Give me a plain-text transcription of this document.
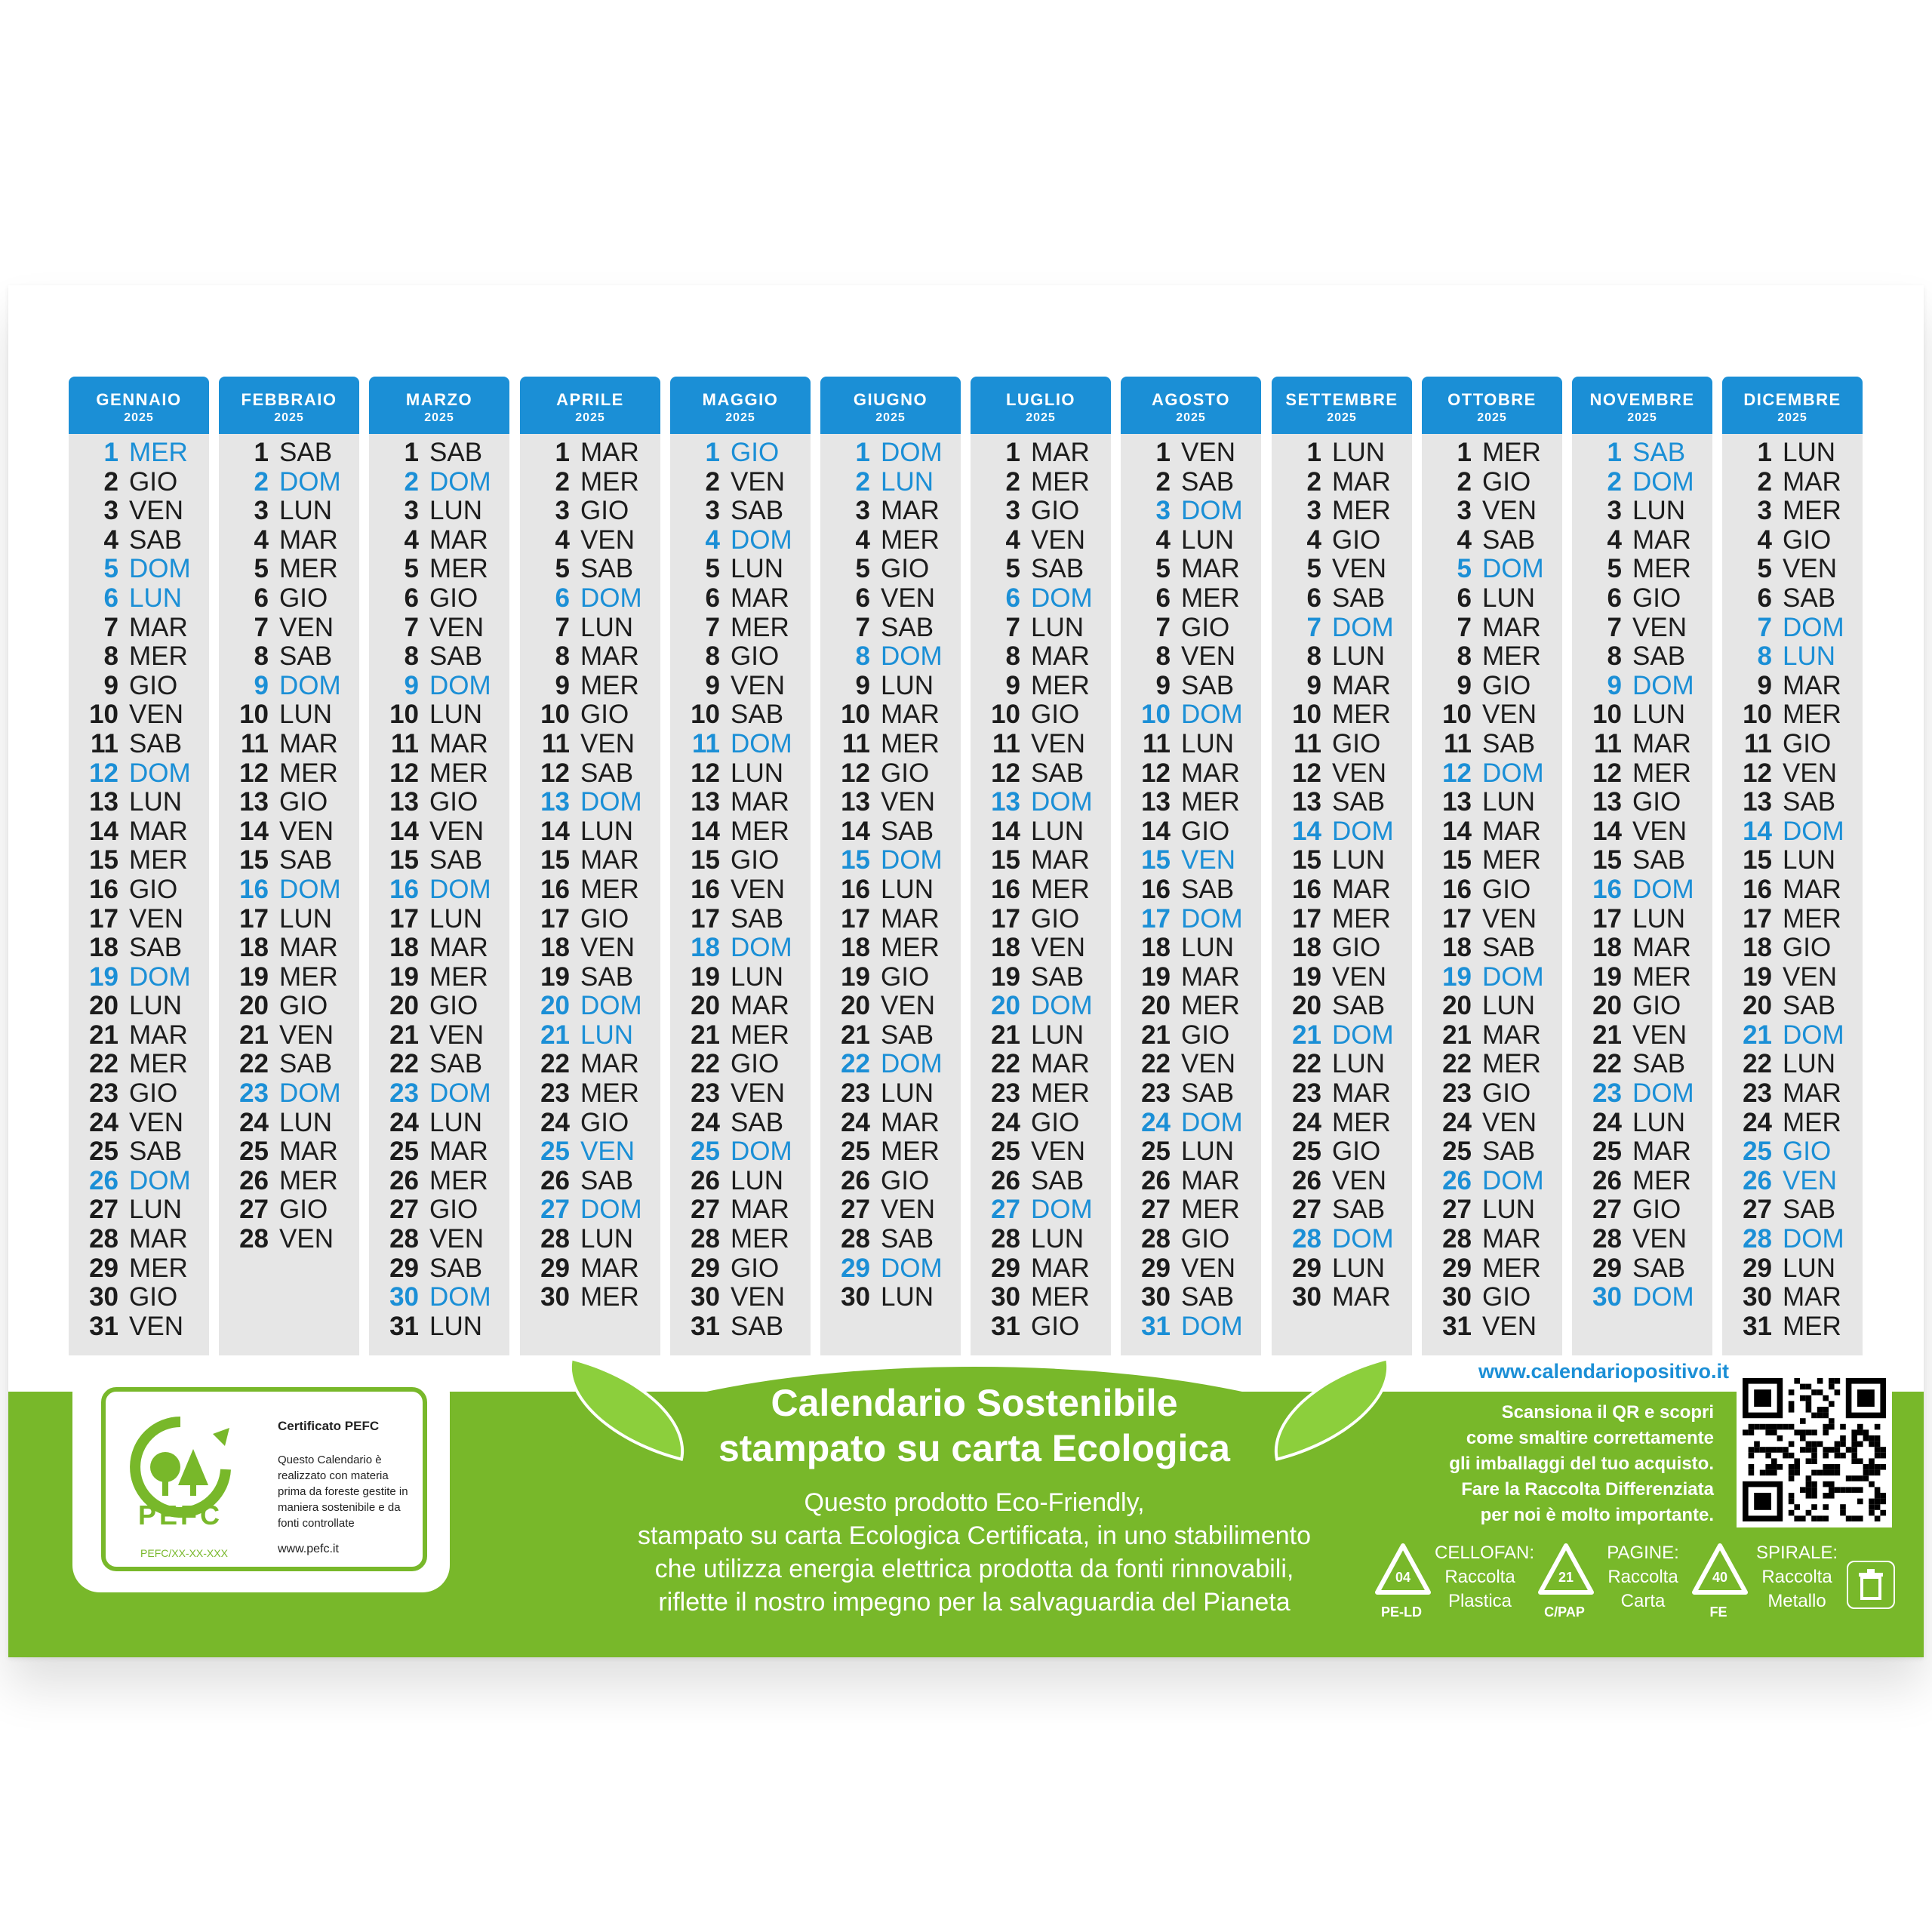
GENNAIO
2025
1 MER
2 GIO
3 VEN
4 SAB
5 DOM
6 LUN
7 MAR
8 MER
9 GIO
10 VEN
11 SAB
12 DOM
13 LUN
14 MAR
15 MER
16 GIO
17 VEN
18 SAB
19 DOM
20 LUN
21 MAR
22 MER
23 GIO
24 VEN
25 SAB
26 DOM
27 LUN
28 MAR
29 MER
30 GIO
31 VEN
FEBBRAIO
2025
1 SAB
2 DOM
3 LUN
4 MAR
5 MER
6 GIO
7 VEN
8 SAB
9 DOM
10 LUN
11 MAR
12 MER
13 GIO
14 VEN
15 SAB
16 DOM
17 LUN
18 MAR
19 MER
20 GIO
21 VEN
22 SAB
23 DOM
24 LUN
25 MAR
26 MER
27 GIO
28 VEN
MARZO
2025
1 SAB
2 DOM
3 LUN
4 MAR
5 MER
6 GIO
7 VEN
8 SAB
9 DOM
10 LUN
11 MAR
12 MER
13 GIO
14 VEN
15 SAB
16 DOM
17 LUN
18 MAR
19 MER
20 GIO
21 VEN
22 SAB
23 DOM
24 LUN
25 MAR
26 MER
27 GIO
28 VEN
29 SAB
30 DOM
31 LUN
APRILE
2025
1 MAR
2 MER
3 GIO
4 VEN
5 SAB
6 DOM
7 LUN
8 MAR
9 MER
10 GIO
11 VEN
12 SAB
13 DOM
14 LUN
15 MAR
16 MER
17 GIO
18 VEN
19 SAB
20 DOM
21 LUN
22 MAR
23 MER
24 GIO
25 VEN
26 SAB
27 DOM
28 LUN
29 MAR
30 MER
MAGGIO
2025
1 GIO
2 VEN
3 SAB
4 DOM
5 LUN
6 MAR
7 MER
8 GIO
9 VEN
10 SAB
11 DOM
12 LUN
13 MAR
14 MER
15 GIO
16 VEN
17 SAB
18 DOM
19 LUN
20 MAR
21 MER
22 GIO
23 VEN
24 SAB
25 DOM
26 LUN
27 MAR
28 MER
29 GIO
30 VEN
31 SAB
GIUGNO
2025
1 DOM
2 LUN
3 MAR
4 MER
5 GIO
6 VEN
7 SAB
8 DOM
9 LUN
10 MAR
11 MER
12 GIO
13 VEN
14 SAB
15 DOM
16 LUN
17 MAR
18 MER
19 GIO
20 VEN
21 SAB
22 DOM
23 LUN
24 MAR
25 MER
26 GIO
27 VEN
28 SAB
29 DOM
30 LUN
LUGLIO
2025
1 MAR
2 MER
3 GIO
4 VEN
5 SAB
6 DOM
7 LUN
8 MAR
9 MER
10 GIO
11 VEN
12 SAB
13 DOM
14 LUN
15 MAR
16 MER
17 GIO
18 VEN
19 SAB
20 DOM
21 LUN
22 MAR
23 MER
24 GIO
25 VEN
26 SAB
27 DOM
28 LUN
29 MAR
30 MER
31 GIO
AGOSTO
2025
1 VEN
2 SAB
3 DOM
4 LUN
5 MAR
6 MER
7 GIO
8 VEN
9 SAB
10 DOM
11 LUN
12 MAR
13 MER
14 GIO
15 VEN
16 SAB
17 DOM
18 LUN
19 MAR
20 MER
21 GIO
22 VEN
23 SAB
24 DOM
25 LUN
26 MAR
27 MER
28 GIO
29 VEN
30 SAB
31 DOM
SETTEMBRE
2025
1 LUN
2 MAR
3 MER
4 GIO
5 VEN
6 SAB
7 DOM
8 LUN
9 MAR
10 MER
11 GIO
12 VEN
13 SAB
14 DOM
15 LUN
16 MAR
17 MER
18 GIO
19 VEN
20 SAB
21 DOM
22 LUN
23 MAR
24 MER
25 GIO
26 VEN
27 SAB
28 DOM
29 LUN
30 MAR
OTTOBRE
2025
1 MER
2 GIO
3 VEN
4 SAB
5 DOM
6 LUN
7 MAR
8 MER
9 GIO
10 VEN
11 SAB
12 DOM
13 LUN
14 MAR
15 MER
16 GIO
17 VEN
18 SAB
19 DOM
20 LUN
21 MAR
22 MER
23 GIO
24 VEN
25 SAB
26 DOM
27 LUN
28 MAR
29 MER
30 GIO
31 VEN
NOVEMBRE
2025
1 SAB
2 DOM
3 LUN
4 MAR
5 MER
6 GIO
7 VEN
8 SAB
9 DOM
10 LUN
11 MAR
12 MER
13 GIO
14 VEN
15 SAB
16 DOM
17 LUN
18 MAR
19 MER
20 GIO
21 VEN
22 SAB
23 DOM
24 LUN
25 MAR
26 MER
27 GIO
28 VEN
29 SAB
30 DOM
DICEMBRE
2025
1 LUN
2 MAR
3 MER
4 GIO
5 VEN
6 SAB
7 DOM
8 LUN
9 MAR
10 MER
11 GIO
12 VEN
13 SAB
14 DOM
15 LUN
16 MAR
17 MER
18 GIO
19 VEN
20 SAB
21 DOM
22 LUN
23 MAR
24 MER
25 GIO
26 VEN
27 SAB
28 DOM
29 LUN
30 MAR
31 MER
Calendario Sostenibile
stampato su carta Ecologica
Questo prodotto Eco-Friendly,
stampato su carta Ecologica Certificata, in uno stabilimento
che utilizza energia elettrica prodotta da fonti rinnovabili,
riflette il nostro impegno per la salvaguardia del Pianeta
www.calendariopositivo.it
Scansiona il QR e scopri
come smaltire correttamente
gli imballaggi del tuo acquisto.
Fare la Raccolta Differenziata
per noi è molto importante.
PEFC
PEFC/XX-XX-XXX
Certificato PEFC
Questo Calendario è realizzato con materia prima da foreste gestite in maniera sostenibile e da fonti controllate
www.pefc.it
04
PE-LD
CELLOFAN:
Raccolta
Plastica
21
C/PAP
PAGINE:
Raccolta
Carta
40
FE
SPIRALE:
Raccolta
Metallo
